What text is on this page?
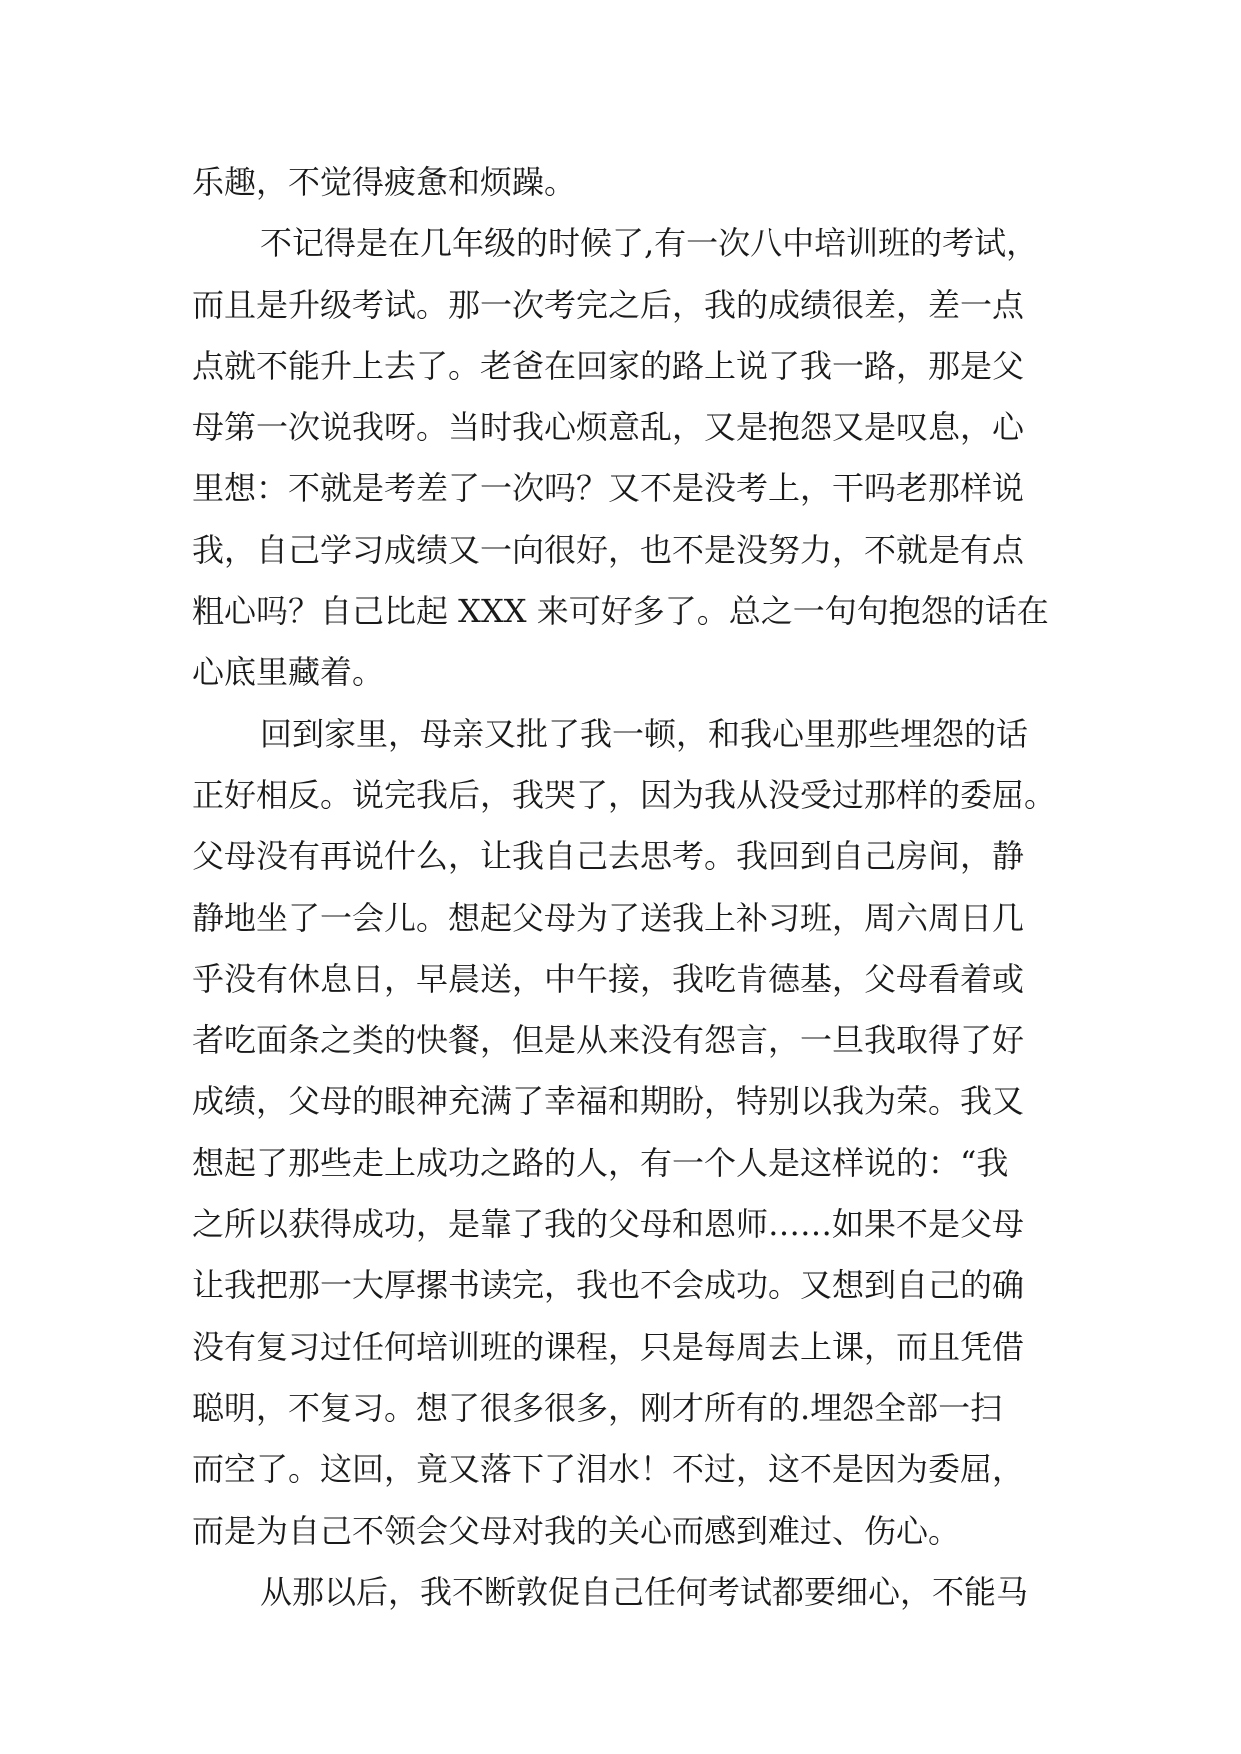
乐趣，不觉得疲惫和烦躁。
不记得是在几年级的时候了,有一次八中培训班的考试，
而且是升级考试。那一次考完之后，我的成绩很差，差一点
点就不能升上去了。老爸在回家的路上说了我一路，那是父
母第一次说我呀。当时我心烦意乱，又是抱怨又是叹息，心
里想：不就是考差了一次吗？又不是没考上，干吗老那样说
我，自己学习成绩又一向很好，也不是没努力，不就是有点
粗心吗？自己比起 XXX 来可好多了。总之一句句抱怨的话在
心底里藏着。
回到家里，母亲又批了我一顿，和我心里那些埋怨的话
正好相反。说完我后，我哭了，因为我从没受过那样的委屈。
父母没有再说什么，让我自己去思考。我回到自己房间，静
静地坐了一会儿。想起父母为了送我上补习班，周六周日几
乎没有休息日，早晨送，中午接，我吃肯德基，父母看着或
者吃面条之类的快餐，但是从来没有怨言，一旦我取得了好
成绩，父母的眼神充满了幸福和期盼，特别以我为荣。我又
想起了那些走上成功之路的人，有一个人是这样说的：“我
之所以获得成功，是靠了我的父母和恩师……如果不是父母
让我把那一大厚摞书读完，我也不会成功。又想到自己的确
没有复习过任何培训班的课程，只是每周去上课，而且凭借
聪明，不复习。想了很多很多，刚才所有的.埋怨全部一扫
而空了。这回，竟又落下了泪水！不过，这不是因为委屈，
而是为自己不领会父母对我的关心而感到难过、伤心。
从那以后，我不断敦促自己任何考试都要细心，不能马
